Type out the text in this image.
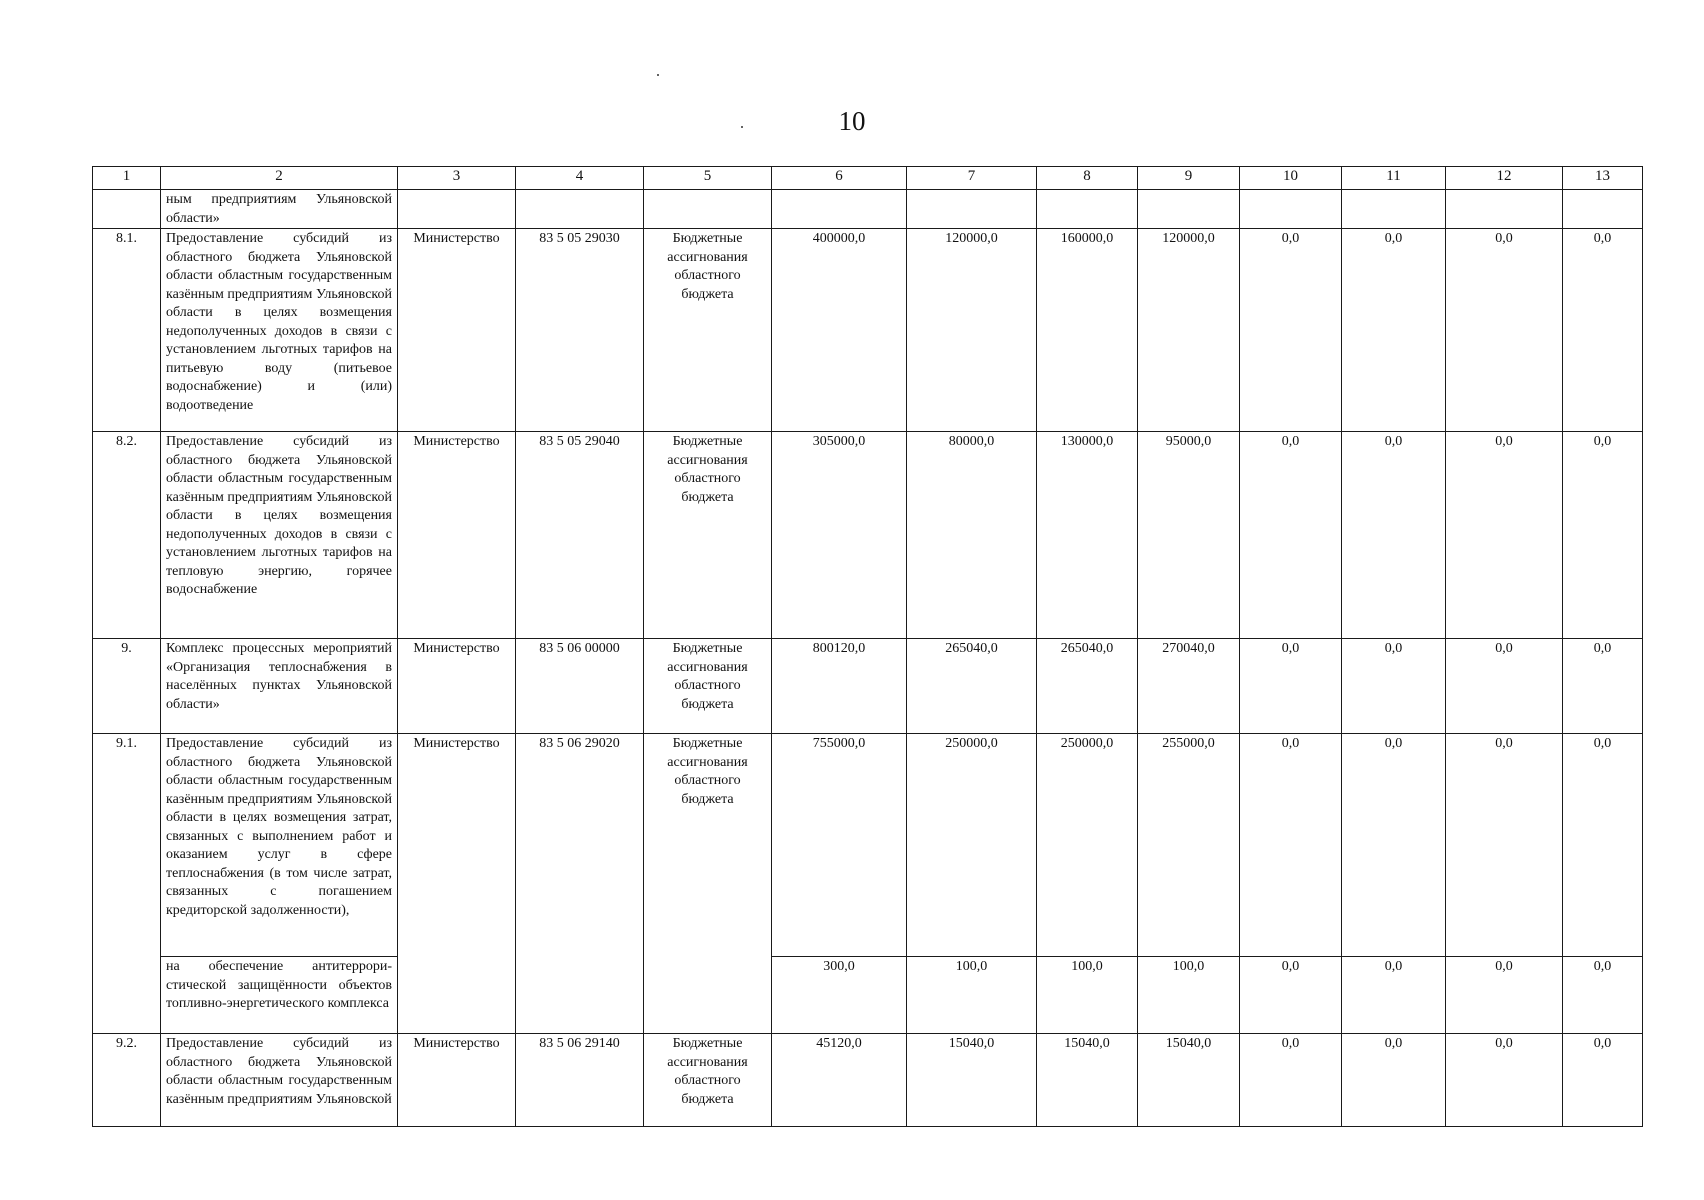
10
1	2	3	4	5	6	7	8	9	10	11	12	13
	ным предприятиям Ульяновской области»											
8.1.	Предоставление субсидий из областного бюджета Ульяновской области областным государственным казённым предприятиям Ульяновской области в целях возмещения недополученных доходов в связи с установлением льготных тарифов на питьевую воду (питьевое водоснабжение) и (или) водоотведение	Министерство	83 5 05 29030	Бюджетные ассигнования областного бюджета	400000,0	120000,0	160000,0	120000,0	0,0	0,0	0,0	0,0
8.2.	Предоставление субсидий из областного бюджета Ульяновской области областным государственным казённым предприятиям Ульяновской области в целях возмещения недополученных доходов в связи с установлением льготных тарифов на тепловую энергию, горячее водоснабжение	Министерство	83 5 05 29040	Бюджетные ассигнования областного бюджета	305000,0	80000,0	130000,0	95000,0	0,0	0,0	0,0	0,0
9.	Комплекс процессных мероприятий «Организация теплоснабжения в населённых пунктах Ульяновской области»	Министерство	83 5 06 00000	Бюджетные ассигнования областного бюджета	800120,0	265040,0	265040,0	270040,0	0,0	0,0	0,0	0,0
9.1.	Предоставление субсидий из областного бюджета Ульяновской области областным государственным казённым предприятиям Ульяновской области в целях возмещения затрат, связанных с выполнением работ и оказанием услуг в сфере теплоснабжения (в том числе затрат, связанных с погашением кредиторской задолженности),	Министерство	83 5 06 29020	Бюджетные ассигнования областного бюджета	755000,0	250000,0	250000,0	255000,0	0,0	0,0	0,0	0,0
	на обеспечение антитеррористической защищённости объектов топливно-энергетического комплекса				300,0	100,0	100,0	100,0	0,0	0,0	0,0	0,0
9.2.	Предоставление субсидий из областного бюджета Ульяновской области областным государственным казённым предприятиям Ульяновской	Министерство	83 5 06 29140	Бюджетные ассигнования областного бюджета	45120,0	15040,0	15040,0	15040,0	0,0	0,0	0,0	0,0
